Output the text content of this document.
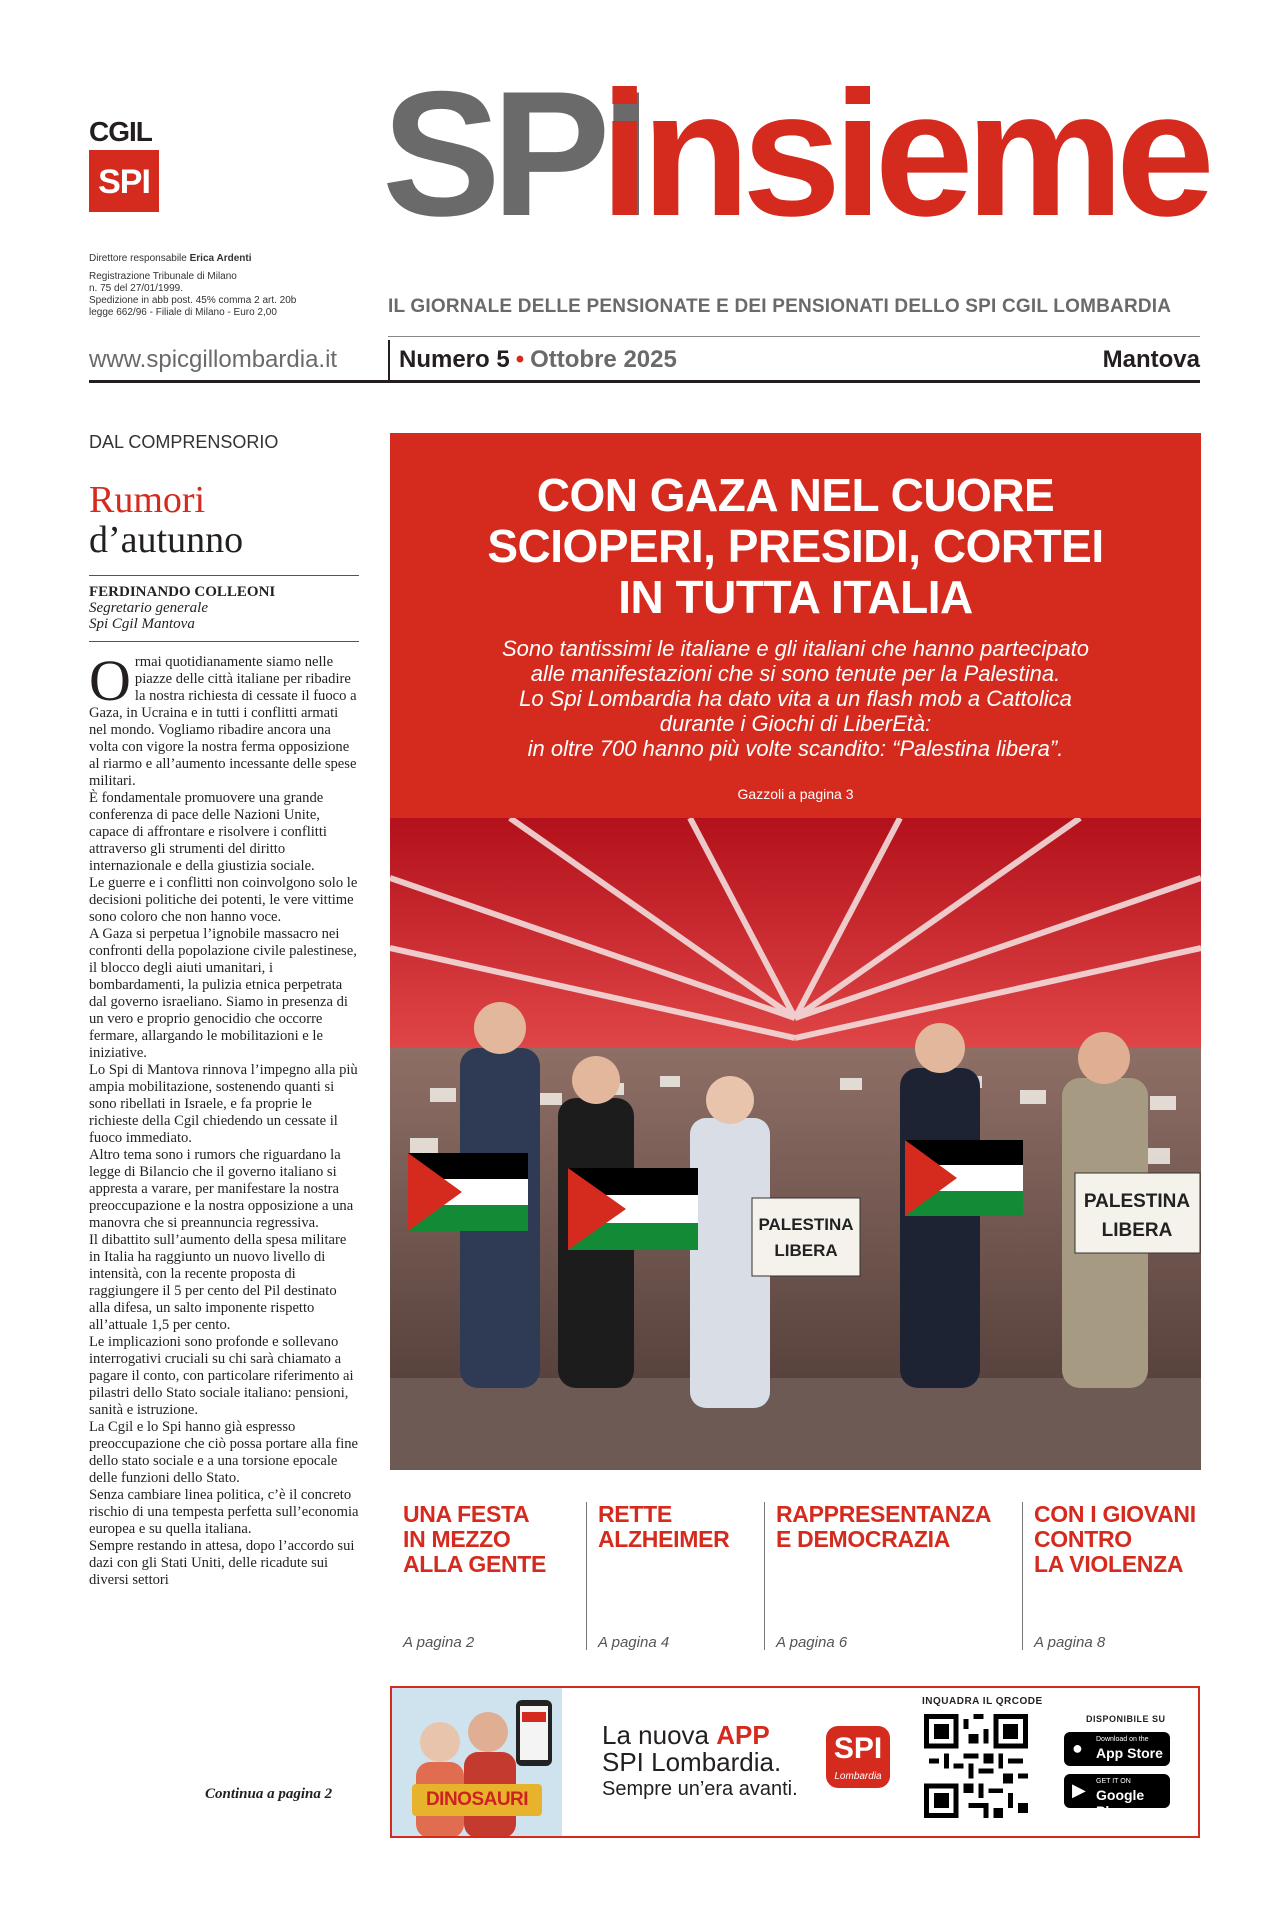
CGIL
SPI SPI
insieme
Direttore responsabile Erica Ardenti
Registrazione Tribunale di Milano
n. 75 del 27/01/1999.
Spedizione in abb post. 45% comma 2 art. 20b
legge 662/96 - Filiale di Milano - Euro 2,00	IL GIORNALE DELLE PENSIONATE E DEI PENSIONATI DELLO SPI CGIL LOMBARDIA
www.spicgillombardia.it	Numero 5 • Ottobre 2025	Mantova
DAL COMPRENSORIO
Rumori
d’autunno
FERDINANDO COLLEONI
Segretario generale
Spi Cgil Mantova
O rmai quotidianamente siamo nelle piazze delle città italiane per ribadire la nostra richiesta di cessate il fuoco a Gaza, in Ucraina e in tutti i conflitti armati nel mondo. Vogliamo ribadire ancora una volta con vigore la nostra ferma opposizione al riarmo e all’aumento incessante delle spese militari.

È fondamentale promuovere una grande conferenza di pace delle Nazioni Unite, capace di affrontare e risolvere i conflitti attraverso gli strumenti del diritto internazionale e della giustizia sociale.

Le guerre e i conflitti non coinvolgono solo le decisioni politiche dei potenti, le vere vittime sono coloro che non hanno voce.

A Gaza si perpetua l’ignobile massacro nei confronti della popolazione civile palestinese, il blocco degli aiuti umanitari, i bombardamenti, la pulizia etnica perpetrata dal governo israeliano. Siamo in presenza di un vero e proprio genocidio che occorre fermare, allargando le mobilitazioni e le iniziative.

Lo Spi di Mantova rinnova l’impegno alla più ampia mobilitazione, sostenendo quanti si sono ribellati in Israele, e fa proprie le richieste della Cgil chiedendo un cessate il fuoco immediato.

Altro tema sono i rumors che riguardano la legge di Bilancio che il governo italiano si appresta a varare, per manifestare la nostra preoccupazione e la nostra opposizione a una manovra che si preannuncia regressiva.

Il dibattito sull’aumento della spesa militare in Italia ha raggiunto un nuovo livello di intensità, con la recente proposta di raggiungere il 5 per cento del Pil destinato alla difesa, un salto imponente rispetto all’attuale 1,5 per cento.

Le implicazioni sono profonde e sollevano interrogativi cruciali su chi sarà chiamato a pagare il conto, con particolare riferimento ai pilastri dello Stato sociale italiano: pensioni, sanità e istruzione.

La Cgil e lo Spi hanno già espresso preoccupazione che ciò possa portare alla fine dello stato sociale e a una torsione epocale delle funzioni dello Stato.

Senza cambiare linea politica, c’è il concreto rischio di una tempesta perfetta sull’economia europea e su quella italiana.

Sempre restando in attesa, dopo l’accordo sui dazi con gli Stati Uniti, delle ricadute sui diversi settori

Continua a pagina 2
CON GAZA NEL CUORE
SCIOPERI, PRESIDI, CORTEI
IN TUTTA ITALIA
Sono tantissimi le italiane e gli italiani che hanno partecipato
alle manifestazioni che si sono tenute per la Palestina.
Lo Spi Lombardia ha dato vita a un flash mob a Cattolica
durante i Giochi di LiberEtà:
in oltre 700 hanno più volte scandito: “Palestina libera”.
Gazzoli a pagina 3
PALESTINA
LIBERA
PALESTINA
LIBERA
UNA FESTA
IN MEZZO
ALLA GENTE
A pagina 2
RETTE
ALZHEIMER
A pagina 4
RAPPRESENTANZA
E DEMOCRAZIA
A pagina 6
CON I GIOVANI
CONTRO
LA VIOLENZA
A pagina 8
DINOSAURI
La nuova APP
SPI Lombardia.
Sempre un’era avanti.
SPI
Lombardia
INQUADRA IL QRCODE
DISPONIBILE SU
● Download on the
App Store
▶ GET IT ON
Google Play
